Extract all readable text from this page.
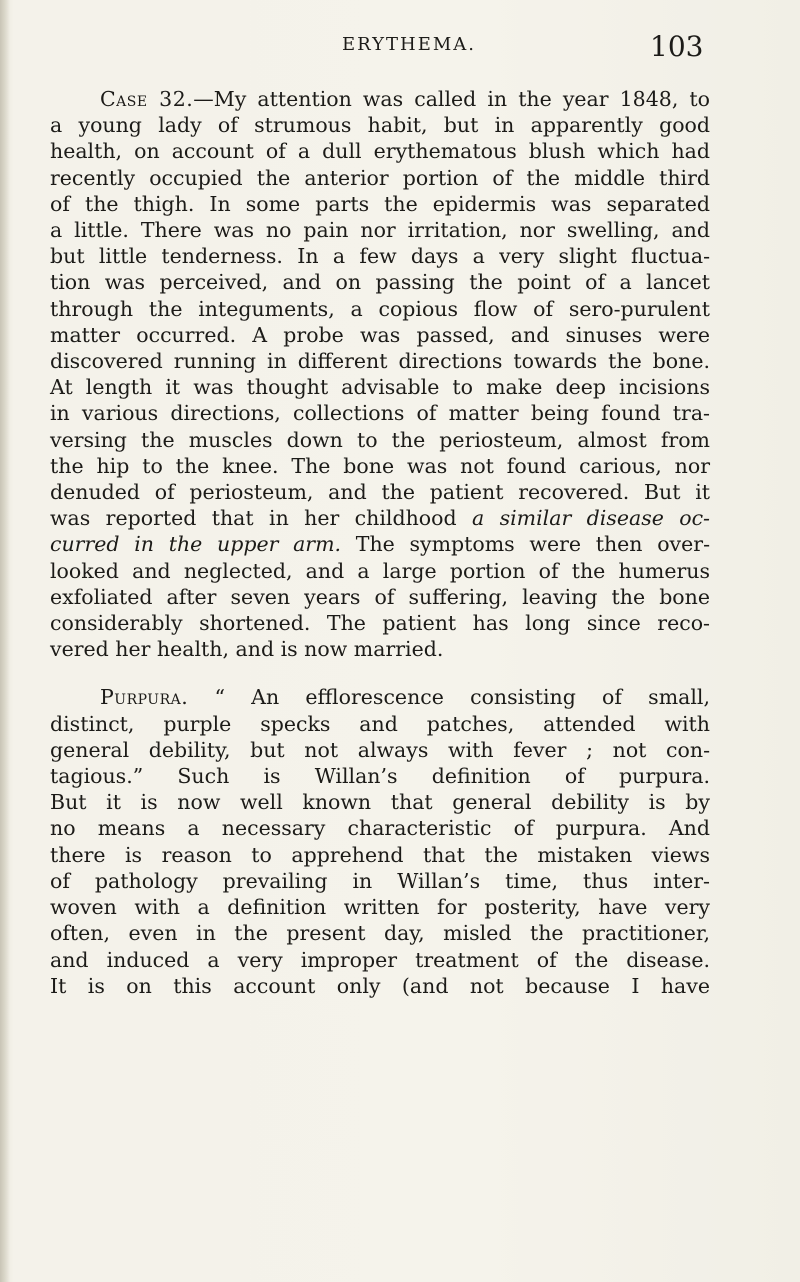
ERYTHEMA.	103
Case 32.—My attention was called in the year 1848, to
a young lady of strumous habit, but in apparently good
health, on account of a dull erythematous blush which had
recently occupied the anterior portion of the middle third
of the thigh. In some parts the epidermis was separated
a little. There was no pain nor irritation, nor swelling, and
but little tenderness. In a few days a very slight fluctua-
tion was perceived, and on passing the point of a lancet
through the integuments, a copious flow of sero-purulent
matter occurred. A probe was passed, and sinuses were
discovered running in different directions towards the bone.
At length it was thought advisable to make deep incisions
in various directions, collections of matter being found tra-
versing the muscles down to the periosteum, almost from
the hip to the knee. The bone was not found carious, nor
denuded of periosteum, and the patient recovered. But it
was reported that in her childhood a similar disease oc-
curred in the upper arm. The symptoms were then over-
looked and neglected, and a large portion of the humerus
exfoliated after seven years of suffering, leaving the bone
considerably shortened. The patient has long since reco-
vered her health, and is now married.
Purpura. “ An efflorescence consisting of small,
distinct, purple specks and patches, attended with
general debility, but not always with fever ; not con-
tagious.” Such is Willan’s definition of purpura.
But it is now well known that general debility is by
no means a necessary characteristic of purpura. And
there is reason to apprehend that the mistaken views
of pathology prevailing in Willan’s time, thus inter-
woven with a definition written for posterity, have very
often, even in the present day, misled the practitioner,
and induced a very improper treatment of the disease.
It is on this account only (and not because I have
